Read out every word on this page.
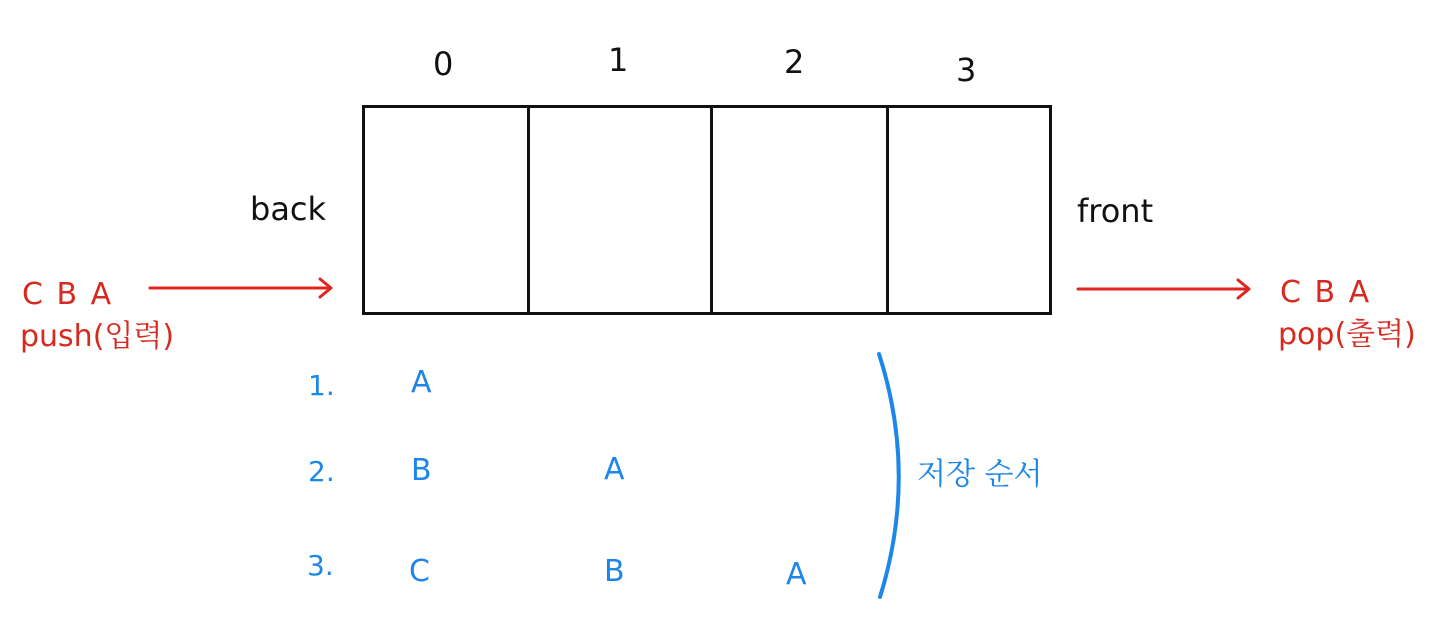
0	1	2	3
back	front
C B A
push(입력)
C B A
pop(출력)
1.	A
2.	B	A
3.	C	B	A
저장 순서
